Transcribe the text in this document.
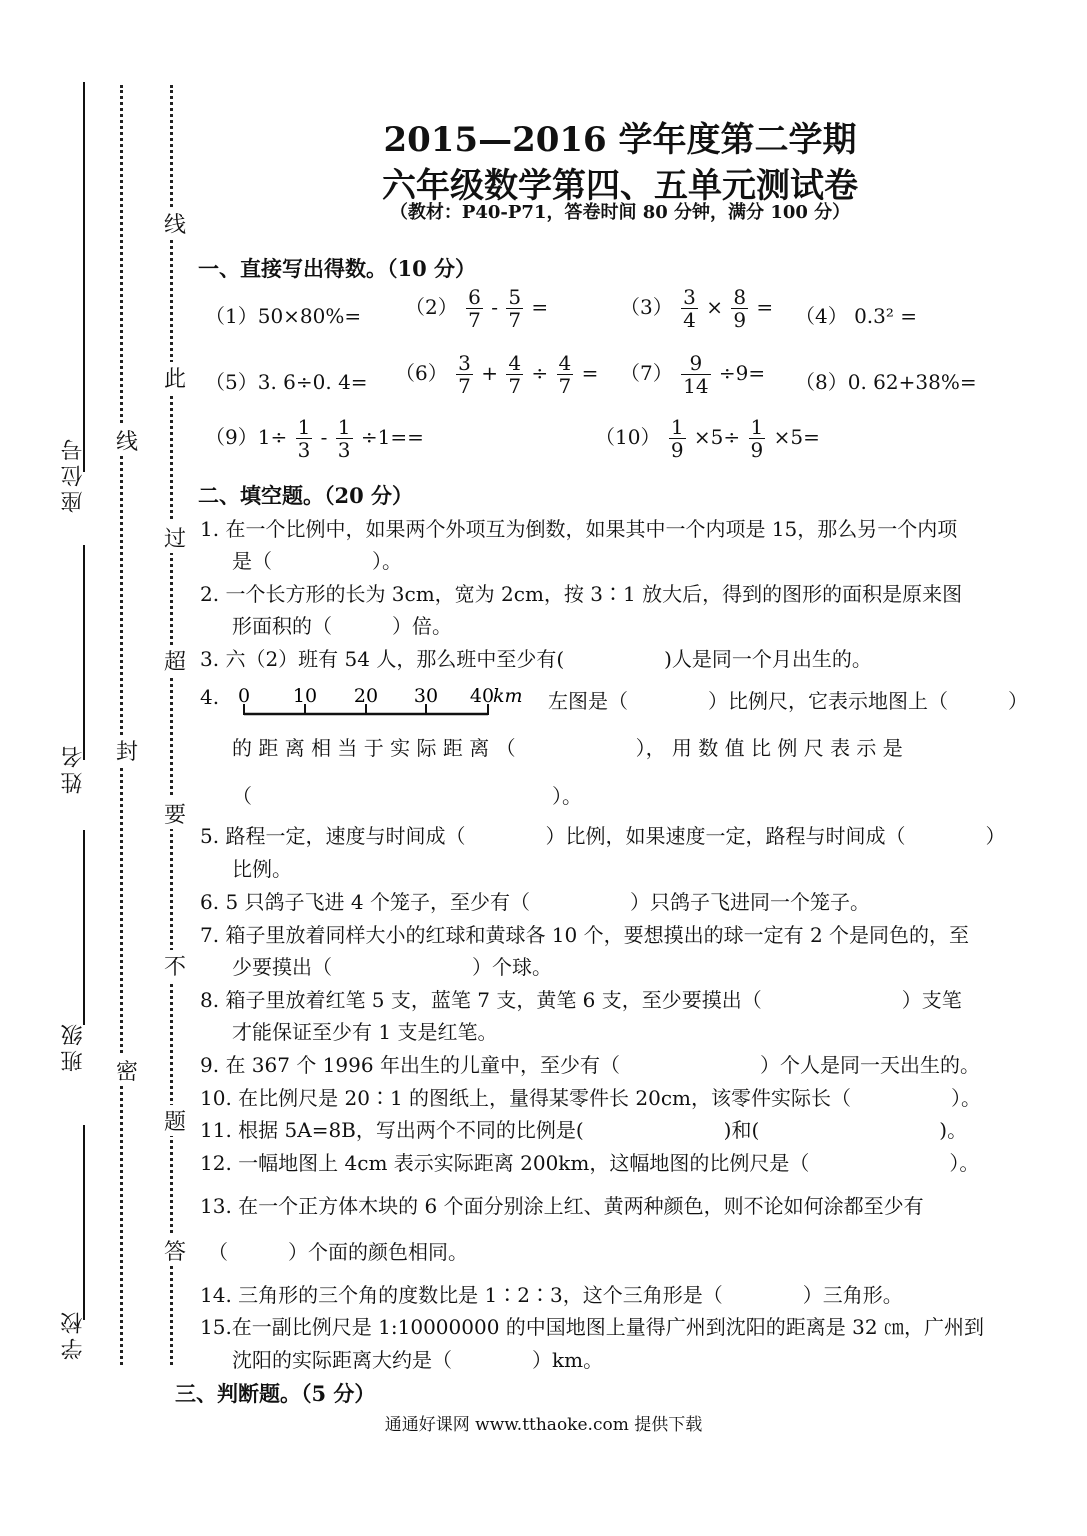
座位号
姓名
班级
学校
线
封
密
线
此
过
超
要
不
题
答
2015—2016 学年度第二学期
六年级数学第四、五单元测试卷
（教材：P40-P71，答卷时间 80 分钟，满分 100 分）
一、直接写出得数。（10 分）
$(1)50\times 80\%= (2) \frac{6}{7} - \frac{5}{7}$ =	$(3) \frac{3}{4} \times \frac{8}{9} = (4) 0.3^2$ =
（5）3. 6÷0. $4= (6) \frac{3}{7} + \frac{4}{7} \div \frac{4}{7} = (7) \frac{9}{14} \div 9= (8)0$. 62+38%=
$(9)1\div \frac{1}{3} - \frac{1}{3} \div 1==$	$(10) \frac{1}{9} \times 5\div \frac{1}{9} \times 5=$
二、填空题。（20 分）
1. 在一个比例中，如果两个外项互为倒数，如果其中一个内项是 15，那么另一个内项
是（　　　　　）。
2. 一个长方形的长为 3cm，宽为 2cm，按 3∶1 放大后，得到的图形的面积是原来图
形面积的（　　　）倍。
3. 六（2）班有 54 人，那么班中至少有(　　　　　)人是同一个月出生的。
4. 0 10 20 30 40
km 左图是（　　　　）比例尺，它表示地图上（　　　）
的 距 离 相 当 于 实 际 距 离 （　　　　　　）， 用 数 值 比 例 尺 表 示 是
（　　　　　　　　　　　　　　　）。
5. 路程一定，速度与时间成（　　　　）比例，如果速度一定，路程与时间成（　　　　）
比例。
6. 5 只鸽子飞进 4 个笼子，至少有（　　　　　）只鸽子飞进同一个笼子。
7. 箱子里放着同样大小的红球和黄球各 10 个，要想摸出的球一定有 2 个是同色的，至
少要摸出（　　　　　　　）个球。
8. 箱子里放着红笔 5 支，蓝笔 7 支，黄笔 6 支，至少要摸出（　　　　　　　）支笔
才能保证至少有 1 支是红笔。
9. 在 367 个 1996 年出生的儿童中，至少有（　　　　　　　）个人是同一天出生的。
10. 在比例尺是 20∶1 的图纸上，量得某零件长 20cm，该零件实际长（　　　　　）。
11. 根据 5A=8B，写出两个不同的比例是(　　　　　　　)和(　　　　　　　　　)。
12. 一幅地图上 4cm 表示实际距离 200km，这幅地图的比例尺是（　　　　　　　）。
13. 在一个正方体木块的 6 个面分别涂上红、黄两种颜色，则不论如何涂都至少有
（　　　）个面的颜色相同。
14. 三角形的三个角的度数比是 1∶2∶3，这个三角形是（　　　　）三角形。
15.在一副比例尺是 1:10000000 的中国地图上量得广州到沈阳的距离是 32 ㎝，广州到
沈阳的实际距离大约是（　　　　）km。
三、判断题。（5 分）
通通好课网 www.tthaoke.com 提供下载
